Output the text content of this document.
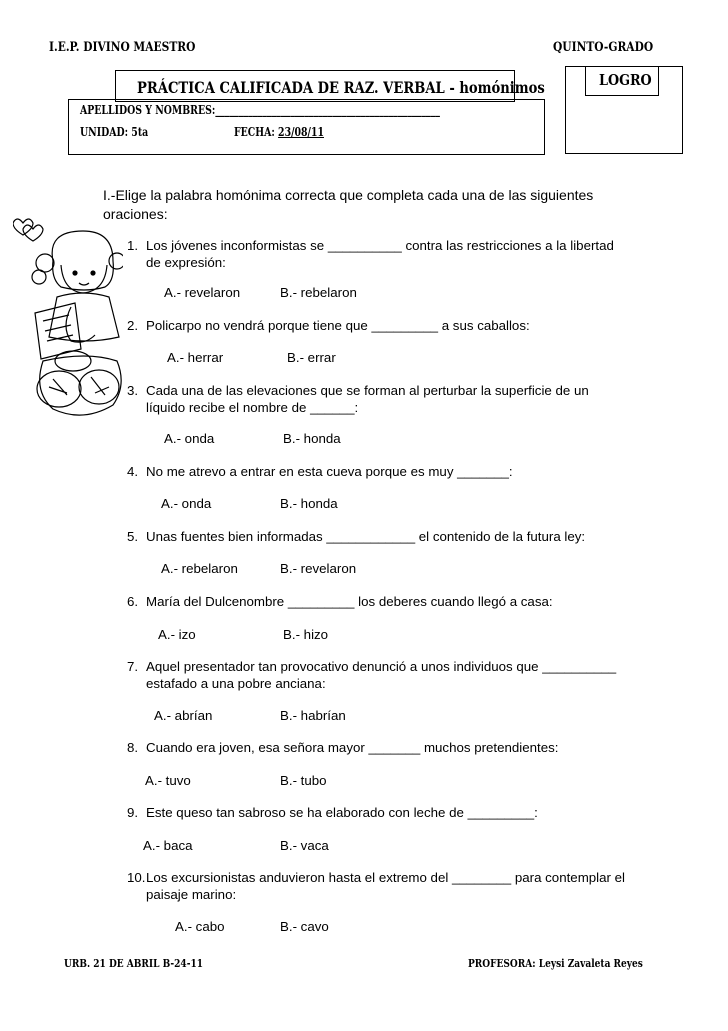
I.E.P. DIVINO MAESTRO	QUINTO-GRADO
PRÁCTICA CALIFICADA DE RAZ. VERBAL - homónimos	LOGRO
APELLIDOS Y NOMBRES:________________________________________________
UNIDAD: 5ta	FECHA: 23/08/11
I.-Elige la palabra homónima correcta que completa cada una de las siguientes oraciones:
1. Los jóvenes inconformistas se __________ contra las restricciones a la libertad de expresión:
A.- revelaron	B.- rebelaron
2. Policarpo no vendrá porque tiene que _________ a sus caballos:
A.- herrar	B.- errar
3. Cada una de las elevaciones que se forman al perturbar la superficie de un líquido recibe el nombre de ______:
A.- onda	B.- honda
4. No me atrevo a entrar en esta cueva porque es muy _______:
A.- onda	B.- honda
5. Unas fuentes bien informadas ____________ el contenido de la futura ley:
A.- rebelaron	B.- revelaron
6. María del Dulcenombre _________ los deberes cuando llegó a casa:
A.- izo	B.- hizo
7. Aquel presentador tan provocativo denunció a unos individuos que __________ estafado a una pobre anciana:
A.- abrían	B.- habrían
8. Cuando era joven, esa señora mayor _______ muchos pretendientes:
A.- tuvo	B.- tubo
9. Este queso tan sabroso se ha elaborado con leche de _________:
A.- baca	B.- vaca
10. Los excursionistas anduvieron hasta el extremo del ________ para contemplar el paisaje marino:
A.- cabo	B.- cavo
URB. 21 DE ABRIL B-24-11	PROFESORA: Leysi Zavaleta Reyes
